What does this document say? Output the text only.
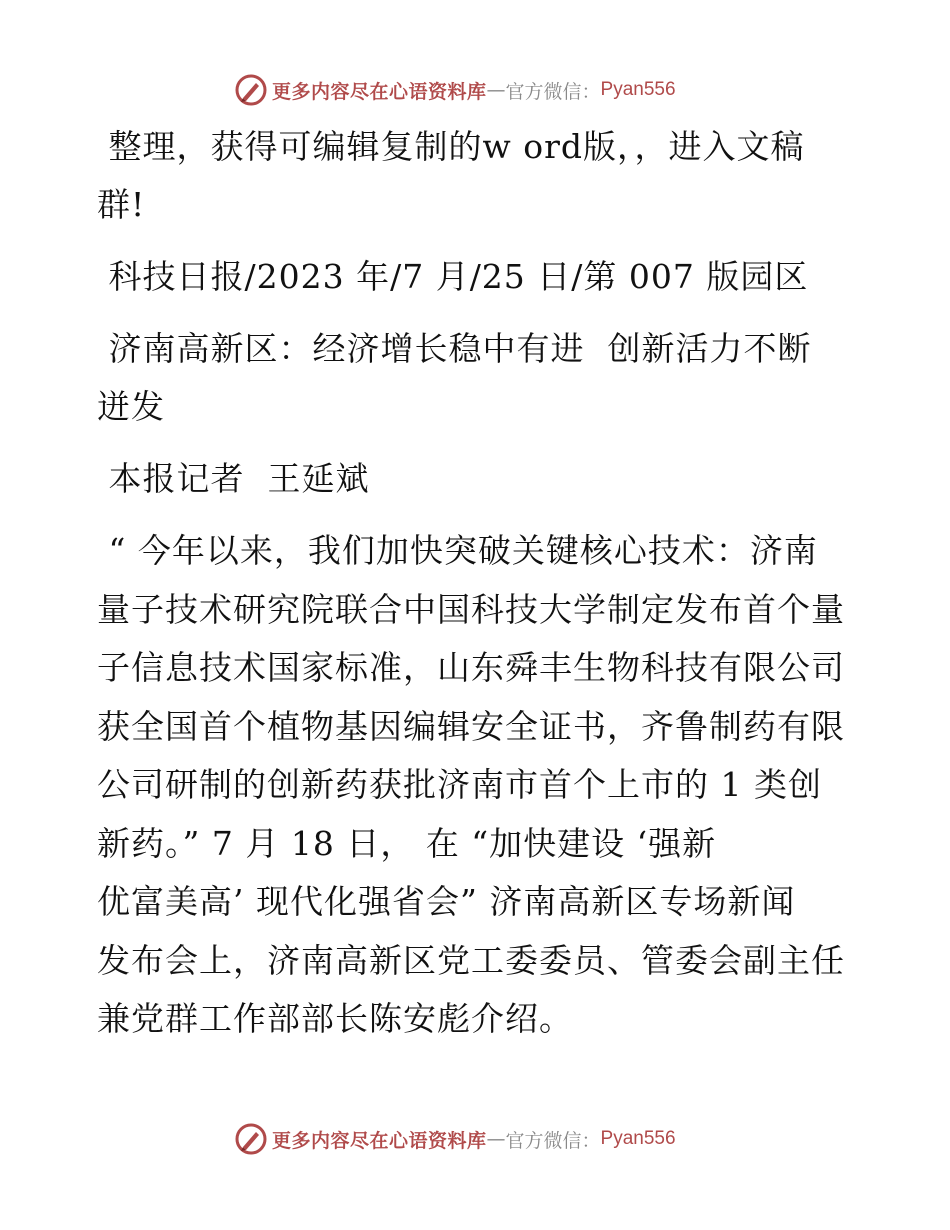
更多内容尽在心语资料库 — 官方微信： Pyan556

整理，获得可编辑复制的w ord版，，进入文稿

群!

科技日报/2023 年/7 月/25 日/第 007 版园区

济南高新区：经济增长稳中有进  创新活力不断

迸发

本报记者  王延斌

“ 今年以来，我们加快突破关键核心技术：济南

量子技术研究院联合中国科技大学制定发布首个量

子信息技术国家标准，山东舜丰生物科技有限公司

获全国首个植物基因编辑安全证书，齐鲁制药有限

公司研制的创新药获批济南市首个上市的 1 类创

新药。” 7 月 18 日， 在 “加快建设 ‘强新

优富美高’ 现代化强省会” 济南高新区专场新闻

发布会上，济南高新区党工委委员、管委会副主任

兼党群工作部部长陈安彪介绍。

更多内容尽在心语资料库 — 官方微信： Pyan556
